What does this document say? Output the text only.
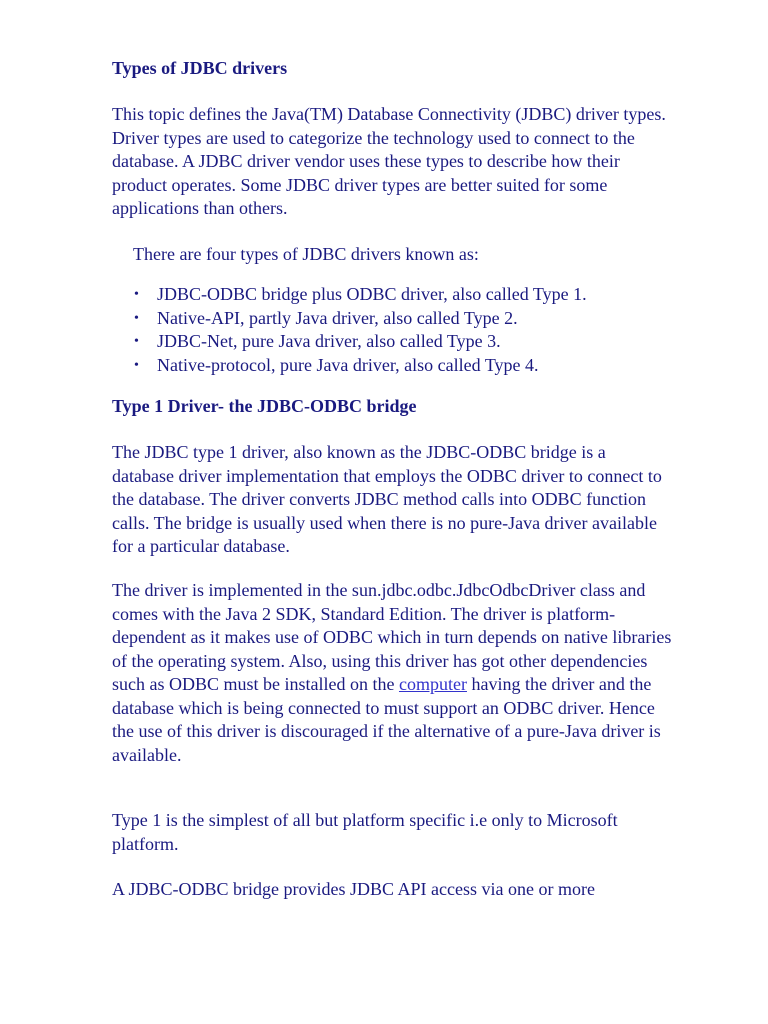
Types of JDBC drivers

This topic defines the Java(TM) Database Connectivity (JDBC) driver types. Driver types are used to categorize the technology used to connect to the database. A JDBC driver vendor uses these types to describe how their product operates. Some JDBC driver types are better suited for some applications than others.

There are four types of JDBC drivers known as:

• JDBC-ODBC bridge plus ODBC driver, also called Type 1.
• Native-API, partly Java driver, also called Type 2.
• JDBC-Net, pure Java driver, also called Type 3.
• Native-protocol, pure Java driver, also called Type 4.

Type 1 Driver- the JDBC-ODBC bridge

The JDBC type 1 driver, also known as the JDBC-ODBC bridge is a database driver implementation that employs the ODBC driver to connect to the database. The driver converts JDBC method calls into ODBC function calls. The bridge is usually used when there is no pure-Java driver available for a particular database.

The driver is implemented in the sun.jdbc.odbc.JdbcOdbcDriver class and comes with the Java 2 SDK, Standard Edition. The driver is platform-dependent as it makes use of ODBC which in turn depends on native libraries of the operating system. Also, using this driver has got other dependencies such as ODBC must be installed on the computer having the driver and the database which is being connected to must support an ODBC driver. Hence the use of this driver is discouraged if the alternative of a pure-Java driver is available.

Type 1 is the simplest of all but platform specific i.e only to Microsoft platform.

A JDBC-ODBC bridge provides JDBC API access via one or more
